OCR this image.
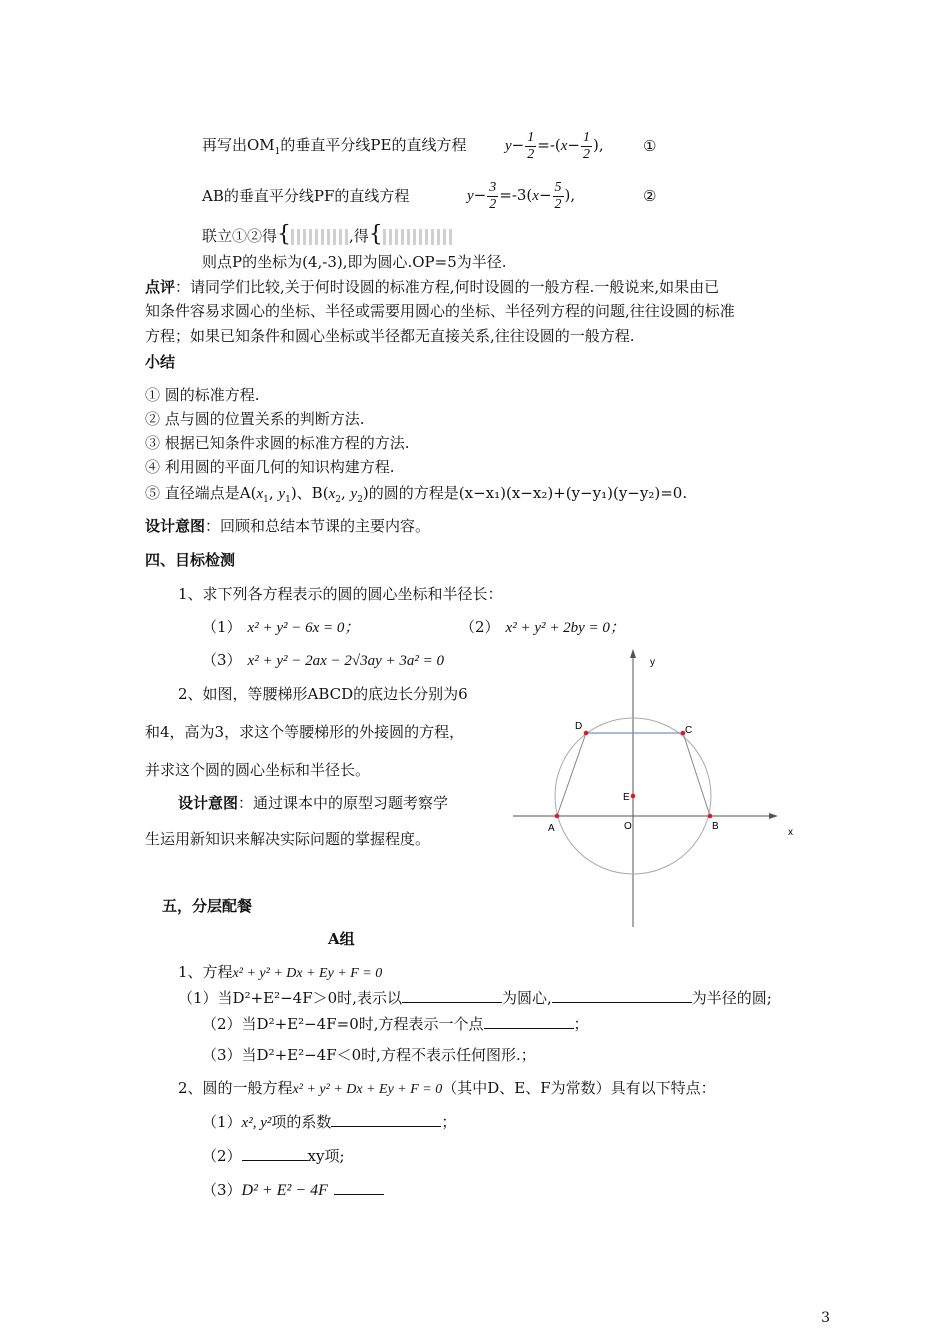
再写出$OM_1$的垂直平分线PE的直线方程	$y- \frac{1}{2} =-(x- \frac{1}{2}$ ),	①
AB的垂直平分线PF的直线方程	$y- \frac{3}{2} =-3(x- \frac{5}{2}$ ),	②
联立①②得{	,得{
则点P的坐标为(4,-3),即为圆心.OP=5为半径.
点评：请同学们比较,关于何时设圆的标准方程,何时设圆的一般方程.一般说来,如果由已
知条件容易求圆心的坐标、半径或需要用圆心的坐标、半径列方程的问题,往往设圆的标准
方程；如果已知条件和圆心坐标或半径都无直接关系,往往设圆的一般方程.
小结
① 圆的标准方程.
② 点与圆的位置关系的判断方法.
③ 根据已知条件求圆的标准方程的方法.
④ 利用圆的平面几何的知识构建方程.
⑤ 直径端点是$A(x_1$, $y_1$)、$B(x_2$, $y_2$)的圆的方程是(x−x₁)(x−x₂)+(y−y₁)(y−y₂)=0.
设计意图：回顾和总结本节课的主要内容。
四、目标检测
1、求下列各方程表示的圆的圆心坐标和半径长：
（1） x² + y² − 6x = 0；	（2） x² + y² + 2by = 0；
（3） x² + y² − 2ax − 2√3ay + 3a² = 0
2、如图，等腰梯形ABCD的底边长分别为6
和4，高为3，求这个等腰梯形的外接圆的方程，
并求这个圆的圆心坐标和半径长。
设计意图：通过课本中的原型习题考察学
生运用新知识来解决实际问题的掌握程度。
y
x
D	C
E
A	O	B
五，分层配餐
A组
1、方程x² + y² + Dx + Ey + F = 0
（1）当D²+E²−4F＞0时,表示以	为圆心,	为半径的圆;
（2）当D²+E²−4F=0时,方程表示一个点	；
（3）当D²+E²−4F＜0时,方程不表示任何图形.；
2、圆的一般方程x² + y² + Dx + Ey + F = 0（其中D、E、F为常数）具有以下特点：
（1）x², y²项的系数	；
（2）	xy项;
（3）D² + E² − 4F
3
